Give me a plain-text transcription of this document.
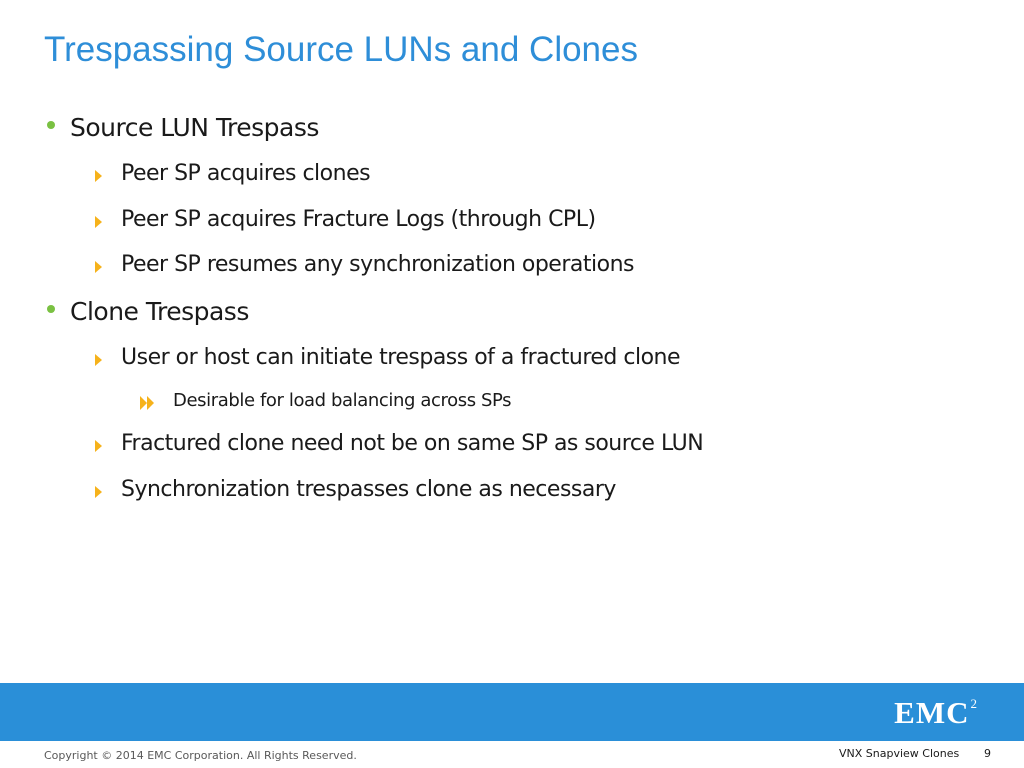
Trespassing Source LUNs and Clones
Source LUN Trespass
Peer SP acquires clones
Peer SP acquires Fracture Logs (through CPL)
Peer SP resumes any synchronization operations
Clone Trespass
User or host can initiate trespass of a fractured clone
Desirable for load balancing across SPs
Fractured clone need not be on same SP as source LUN
Synchronization trespasses clone as necessary
EMC$^2$
Copyright © 2014 EMC Corporation. All Rights Reserved.	VNX Snapview Clones 9
